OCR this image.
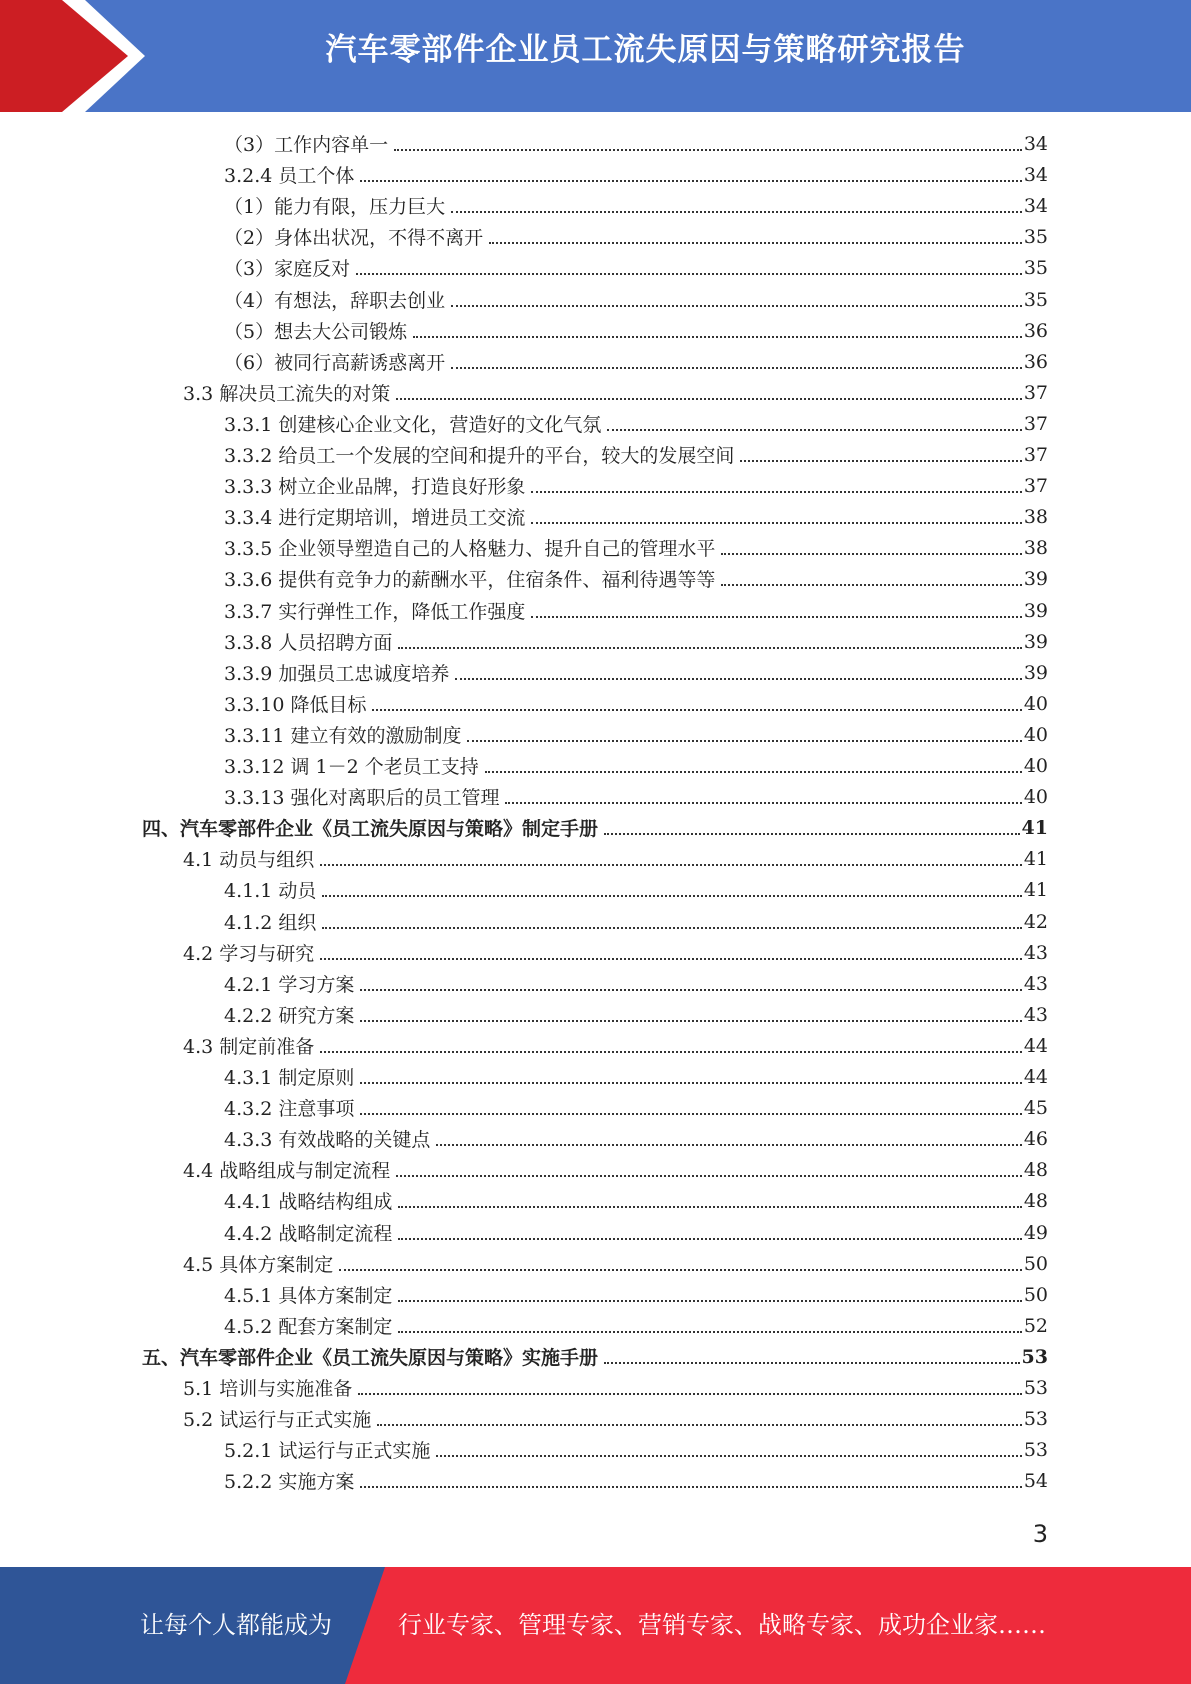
汽车零部件企业员工流失原因与策略研究报告
（3）工作内容单一	34
3.2.4 员工个体	34
（1）能力有限，压力巨大	34
（2）身体出状况，不得不离开	35
（3）家庭反对	35
（4）有想法，辞职去创业	35
（5）想去大公司锻炼	36
（6）被同行高薪诱惑离开	36
3.3 解决员工流失的对策	37
3.3.1 创建核心企业文化，营造好的文化气氛	37
3.3.2 给员工一个发展的空间和提升的平台，较大的发展空间	37
3.3.3 树立企业品牌，打造良好形象	37
3.3.4 进行定期培训，增进员工交流	38
3.3.5 企业领导塑造自己的人格魅力、提升自己的管理水平	38
3.3.6 提供有竞争力的薪酬水平，住宿条件、福利待遇等等	39
3.3.7 实行弹性工作，降低工作强度	39
3.3.8 人员招聘方面	39
3.3.9 加强员工忠诚度培养	39
3.3.10 降低目标	40
3.3.11 建立有效的激励制度	40
3.3.12 调 1－2 个老员工支持	40
3.3.13 强化对离职后的员工管理	40
四、汽车零部件企业《员工流失原因与策略》制定手册	41
4.1 动员与组织	41
4.1.1 动员	41
4.1.2 组织	42
4.2 学习与研究	43
4.2.1 学习方案	43
4.2.2 研究方案	43
4.3 制定前准备	44
4.3.1 制定原则	44
4.3.2 注意事项	45
4.3.3 有效战略的关键点	46
4.4 战略组成与制定流程	48
4.4.1 战略结构组成	48
4.4.2 战略制定流程	49
4.5 具体方案制定	50
4.5.1 具体方案制定	50
4.5.2 配套方案制定	52
五、汽车零部件企业《员工流失原因与策略》实施手册	53
5.1 培训与实施准备	53
5.2 试运行与正式实施	53
5.2.1 试运行与正式实施	53
5.2.2 实施方案	54
3
让每个人都能成为	行业专家、管理专家、营销专家、战略专家、成功企业家……
